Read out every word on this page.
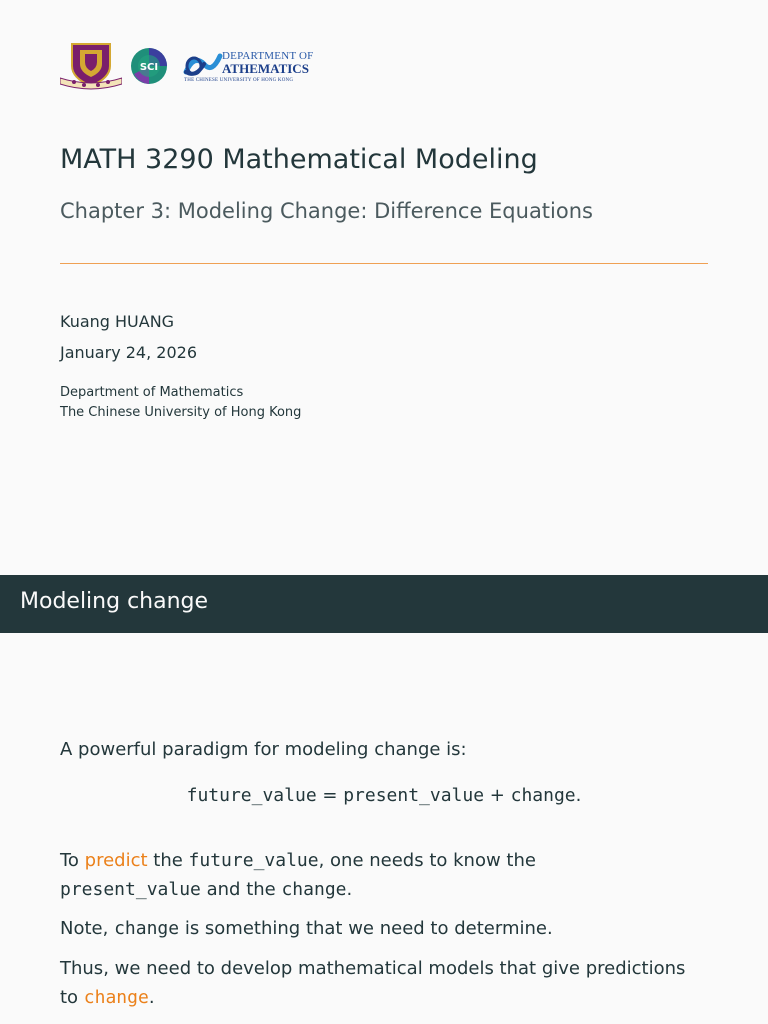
SCI
DEPARTMENT OF
ATHEMATICS
THE CHINESE UNIVERSITY OF HONG KONG
MATH 3290 Mathematical Modeling
Chapter 3: Modeling Change: Difference Equations
Kuang HUANG
January 24, 2026
Department of Mathematics
The Chinese University of Hong Kong
Modeling change
A powerful paradigm for modeling change is:
future_value = present_value + change.
To predict the future_value, one needs to know the
present_value and the change.
Note, change is something that we need to determine.
Thus, we need to develop mathematical models that give predictions
to change.
